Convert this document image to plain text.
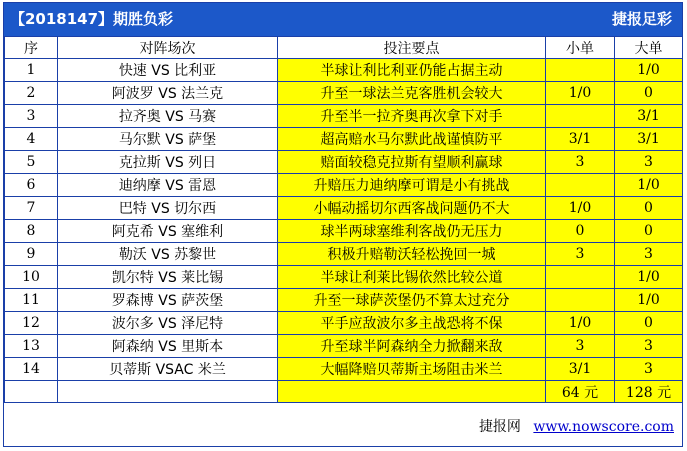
【2018147】期胜负彩	捷报足彩
序	对阵场次	投注要点	小单	大单
1	快速 VS 比利亚	半球让利比利亚仍能占据主动		1/0
2	阿波罗 VS 法兰克	升至一球法兰克客胜机会较大	1/0	0
3	拉齐奥 VS 马赛	升至半一拉齐奥再次拿下对手		3/1
4	马尔默 VS 萨堡	超高赔水马尔默此战谨慎防平	3/1	3/1
5	克拉斯 VS 列日	赔面较稳克拉斯有望顺利赢球	3	3
6	迪纳摩 VS 雷恩	升赔压力迪纳摩可谓是小有挑战		1/0
7	巴特 VS 切尔西	小幅动摇切尔西客战问题仍不大	1/0	0
8	阿克希 VS 塞维利	球半两球塞维利客战仍无压力	0	0
9	勒沃 VS 苏黎世	积极升赔勒沃轻松挽回一城	3	3
10	凯尔特 VS 莱比锡	半球让利莱比锡依然比较公道		1/0
11	罗森博 VS 萨茨堡	升至一球萨茨堡仍不算太过充分		1/0
12	波尔多 VS 泽尼特	平手应敌波尔多主战恐将不保	1/0	0
13	阿森纳 VS 里斯本	升至球半阿森纳全力掀翻来敌	3	3
14	贝蒂斯 VSAC 米兰	大幅降赔贝蒂斯主场阻击米兰	3/1	3
			64 元	128 元
捷报网 www.nowscore.com
